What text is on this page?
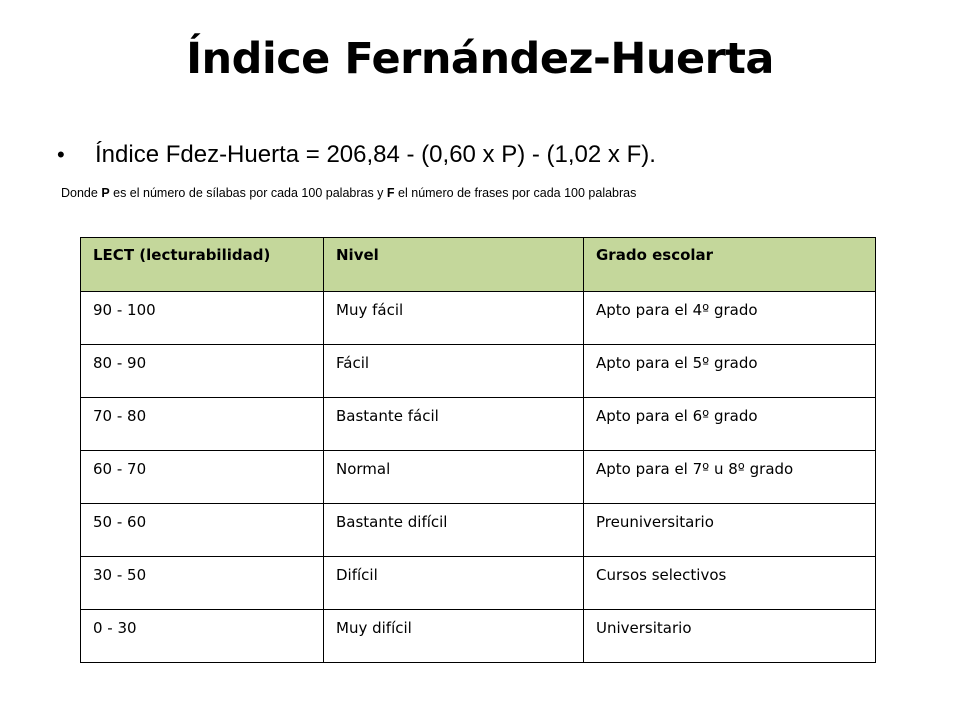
Índice Fernández-Huerta
•	Índice Fdez-Huerta = 206,84 - (0,60 x P) - (1,02 x F).
Donde P es el número de sílabas por cada 100 palabras y F el número de frases por cada 100 palabras
LECT (lecturabilidad)	Nivel	Grado escolar
90 - 100	Muy fácil	Apto para el 4º grado
80 - 90	Fácil	Apto para el 5º grado
70 - 80	Bastante fácil	Apto para el 6º grado
60 - 70	Normal	Apto para el 7º u 8º grado
50 - 60	Bastante difícil	Preuniversitario
30 - 50	Difícil	Cursos selectivos
0 - 30	Muy difícil	Universitario
